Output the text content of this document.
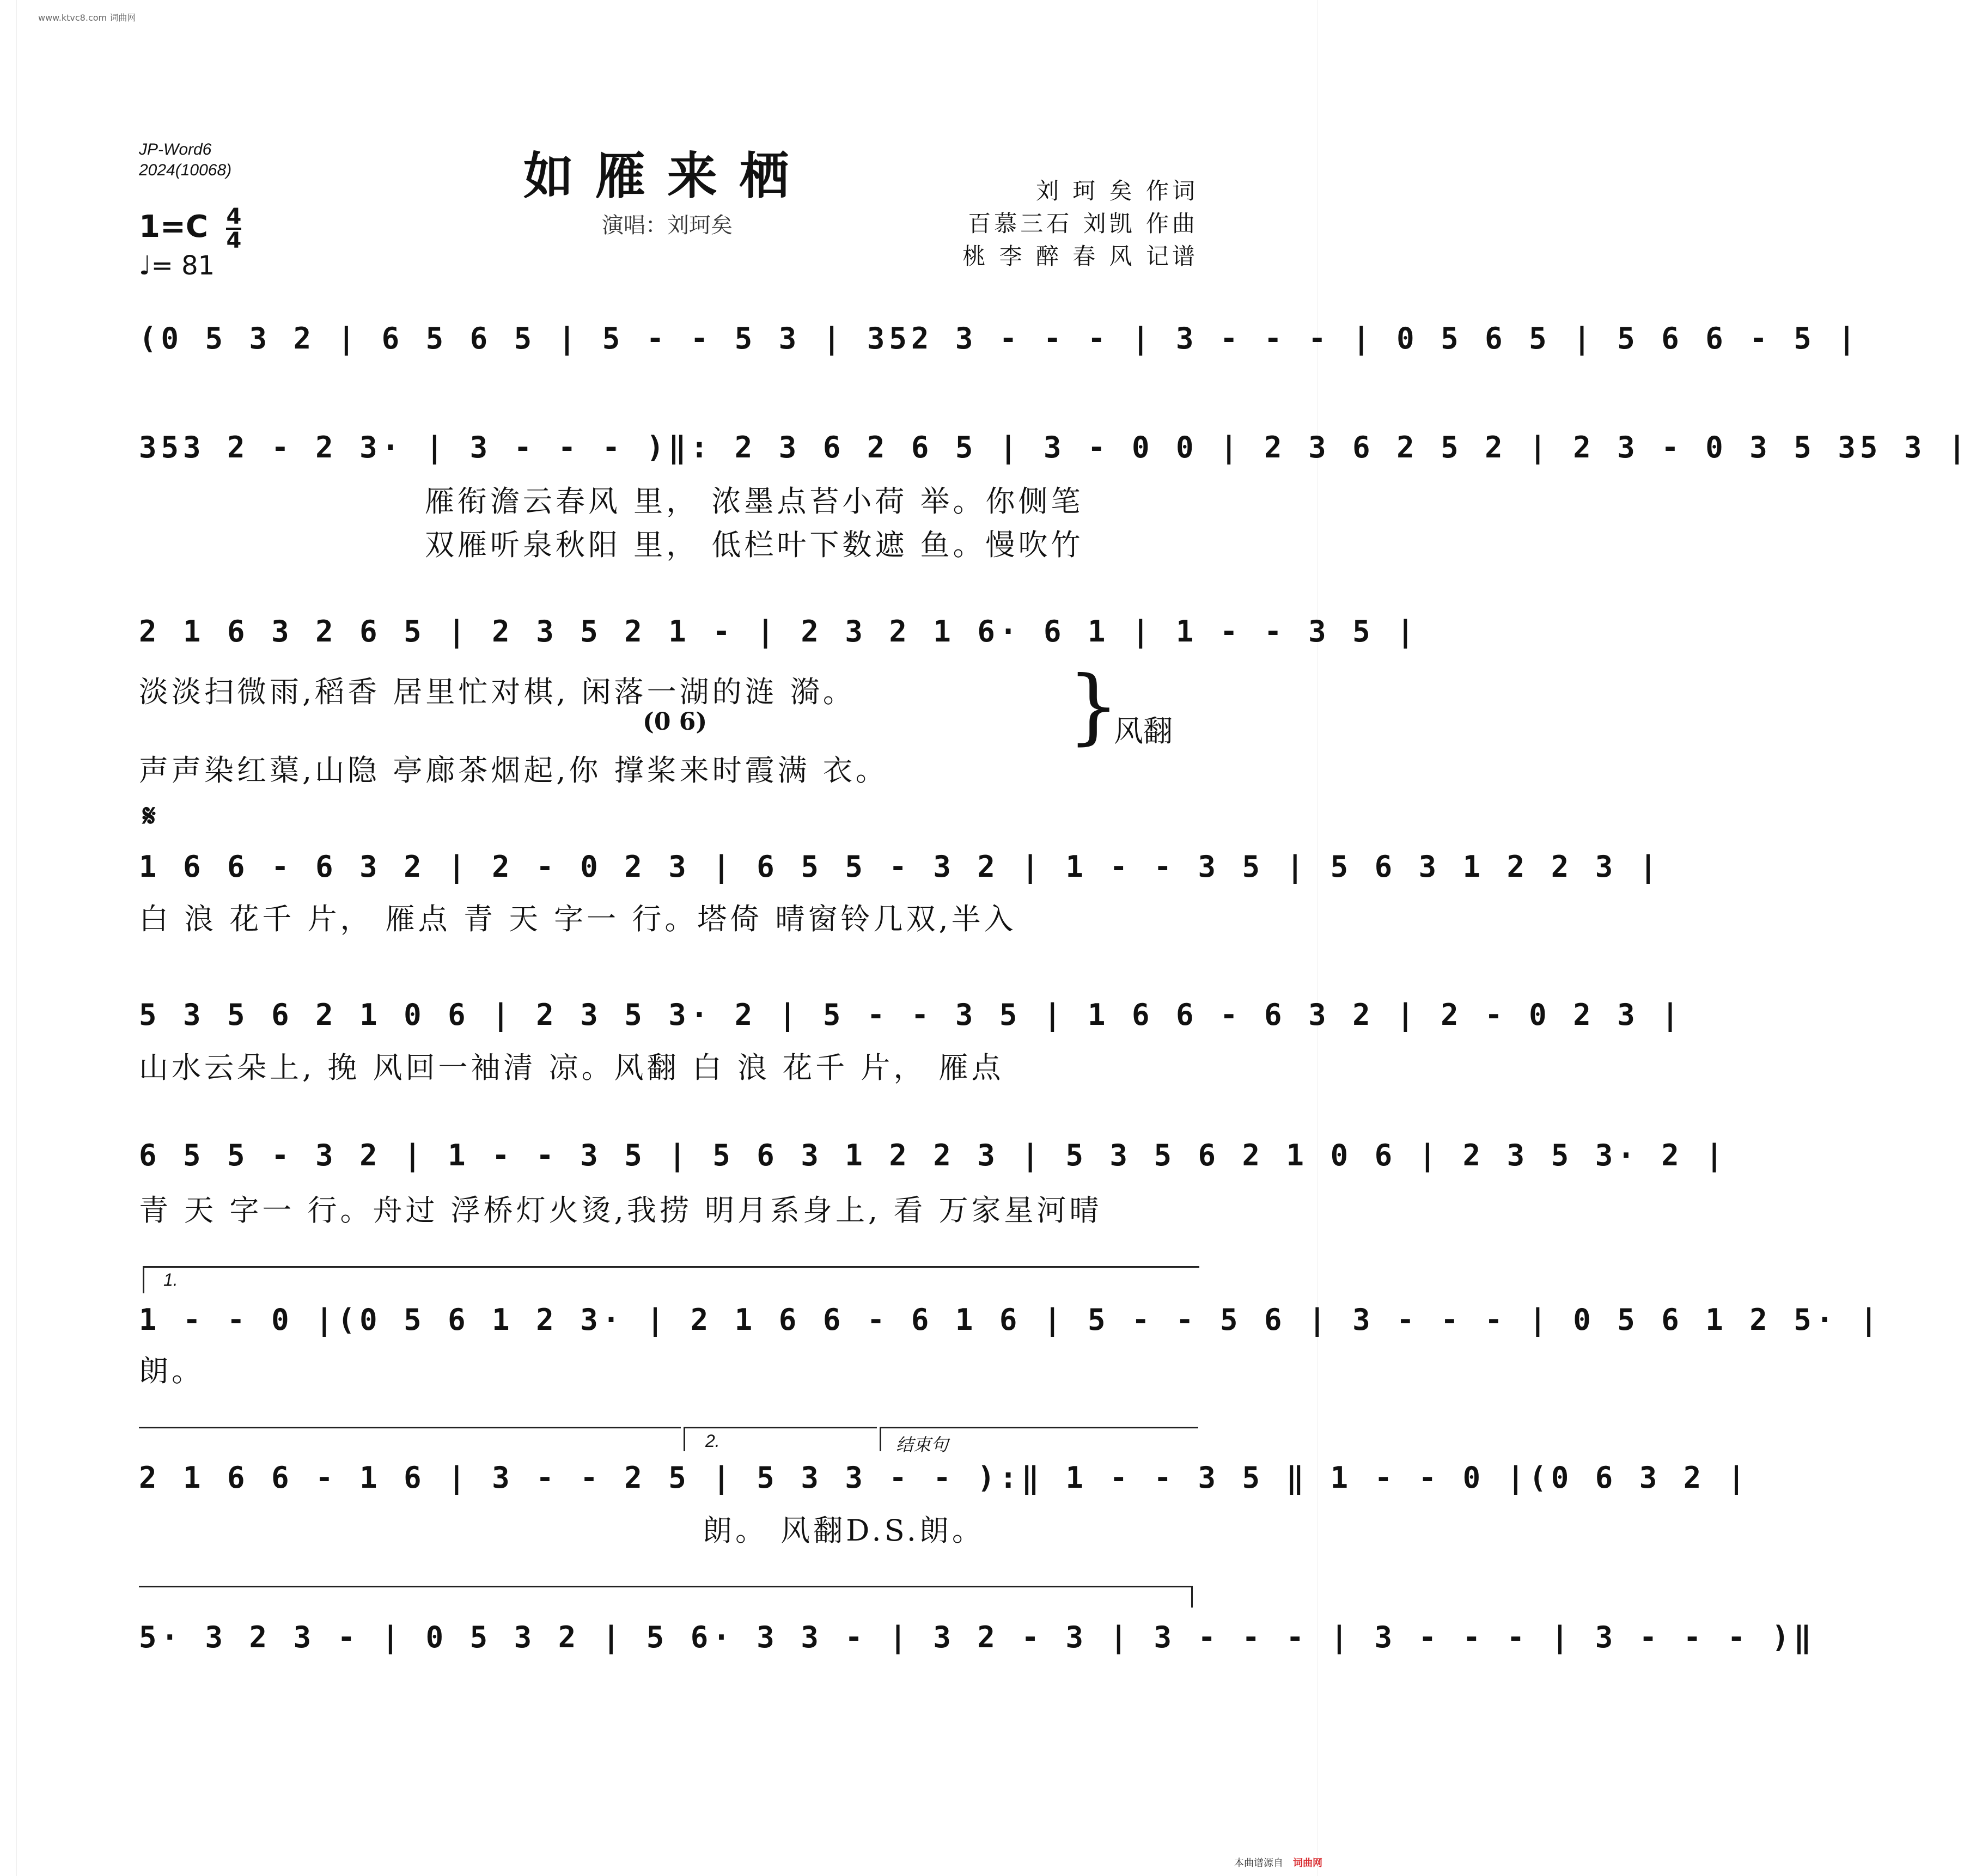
www.ktvc8.com 词曲网
JP-Word6
2024(10068)	如雁来栖
演唱：刘珂矣
刘 珂 矣 作词
百慕三石 刘凯 作曲
桃 李 醉 春 风 记谱
$1=C \frac{4}{4}$
♩= 81
(0 5 3 2 | 6 5 6 5 | 5 - - 5 3 | 352 3 - - - | 3 - - - | 0 5 6 5 | 5 6 6 - 5 |
353 2 - 2 3· | 3 - - - )‖: 2 3 6 2 6 5 | 3 - 0 0 | 2 3 6 2 5 2 | 2 3 - 0 3 5 35 3 |
雁衔澹云春风 里， 浓墨点苔小荷 举。你侧笔
双雁听泉秋阳 里， 低栏叶下数遮 鱼。慢吹竹
2 1 6 3 2 6 5 | 2 3 5 2 1 - | 2 3 2 1 6· 6 1 | 1 - - 3 5 |
淡淡扫微雨,稻香 居里忙对棋, 闲落一湖的涟 漪。
(0 6)
声声染红蕖,山隐 亭廊茶烟起,你 撑桨来时霞满 衣。
}
风翻
𝄋
1 6 6 - 6 3 2 | 2 - 0 2 3 | 6 5 5 - 3 2 | 1 - - 3 5 | 5 6 3 1 2 2 3 |
白 浪 花千 片， 雁点 青 天 字一 行。塔倚 晴窗铃几双,半入
5 3 5 6 2 1 0 6 | 2 3 5 3· 2 | 5 - - 3 5 | 1 6 6 - 6 3 2 | 2 - 0 2 3 |
山水云朵上, 挽 风回一袖清 凉。风翻 白 浪 花千 片， 雁点
6 5 5 - 3 2 | 1 - - 3 5 | 5 6 3 1 2 2 3 | 5 3 5 6 2 1 0 6 | 2 3 5 3· 2 |
青 天 字一 行。舟过 浮桥灯火烫,我捞 明月系身上, 看 万家星河晴
1.
1 - - 0 |(0 5 6 1 2 3· | 2 1 6 6 - 6 1 6 | 5 - - 5 6 | 3 - - - | 0 5 6 1 2 5· |
朗。
2.	结束句
2 1 6 6 - 1 6 | 3 - - 2 5 | 5 3 3 - - ):‖ 1 - - 3 5 ‖ 1 - - 0 |(0 6 3 2 |
朗。 风翻D.S.朗。
5· 3 2 3 - | 0 5 3 2 | 5 6· 3 3 - | 3 2 - 3 | 3 - - - | 3 - - - | 3 - - - )‖
本曲谱源自 词曲网
